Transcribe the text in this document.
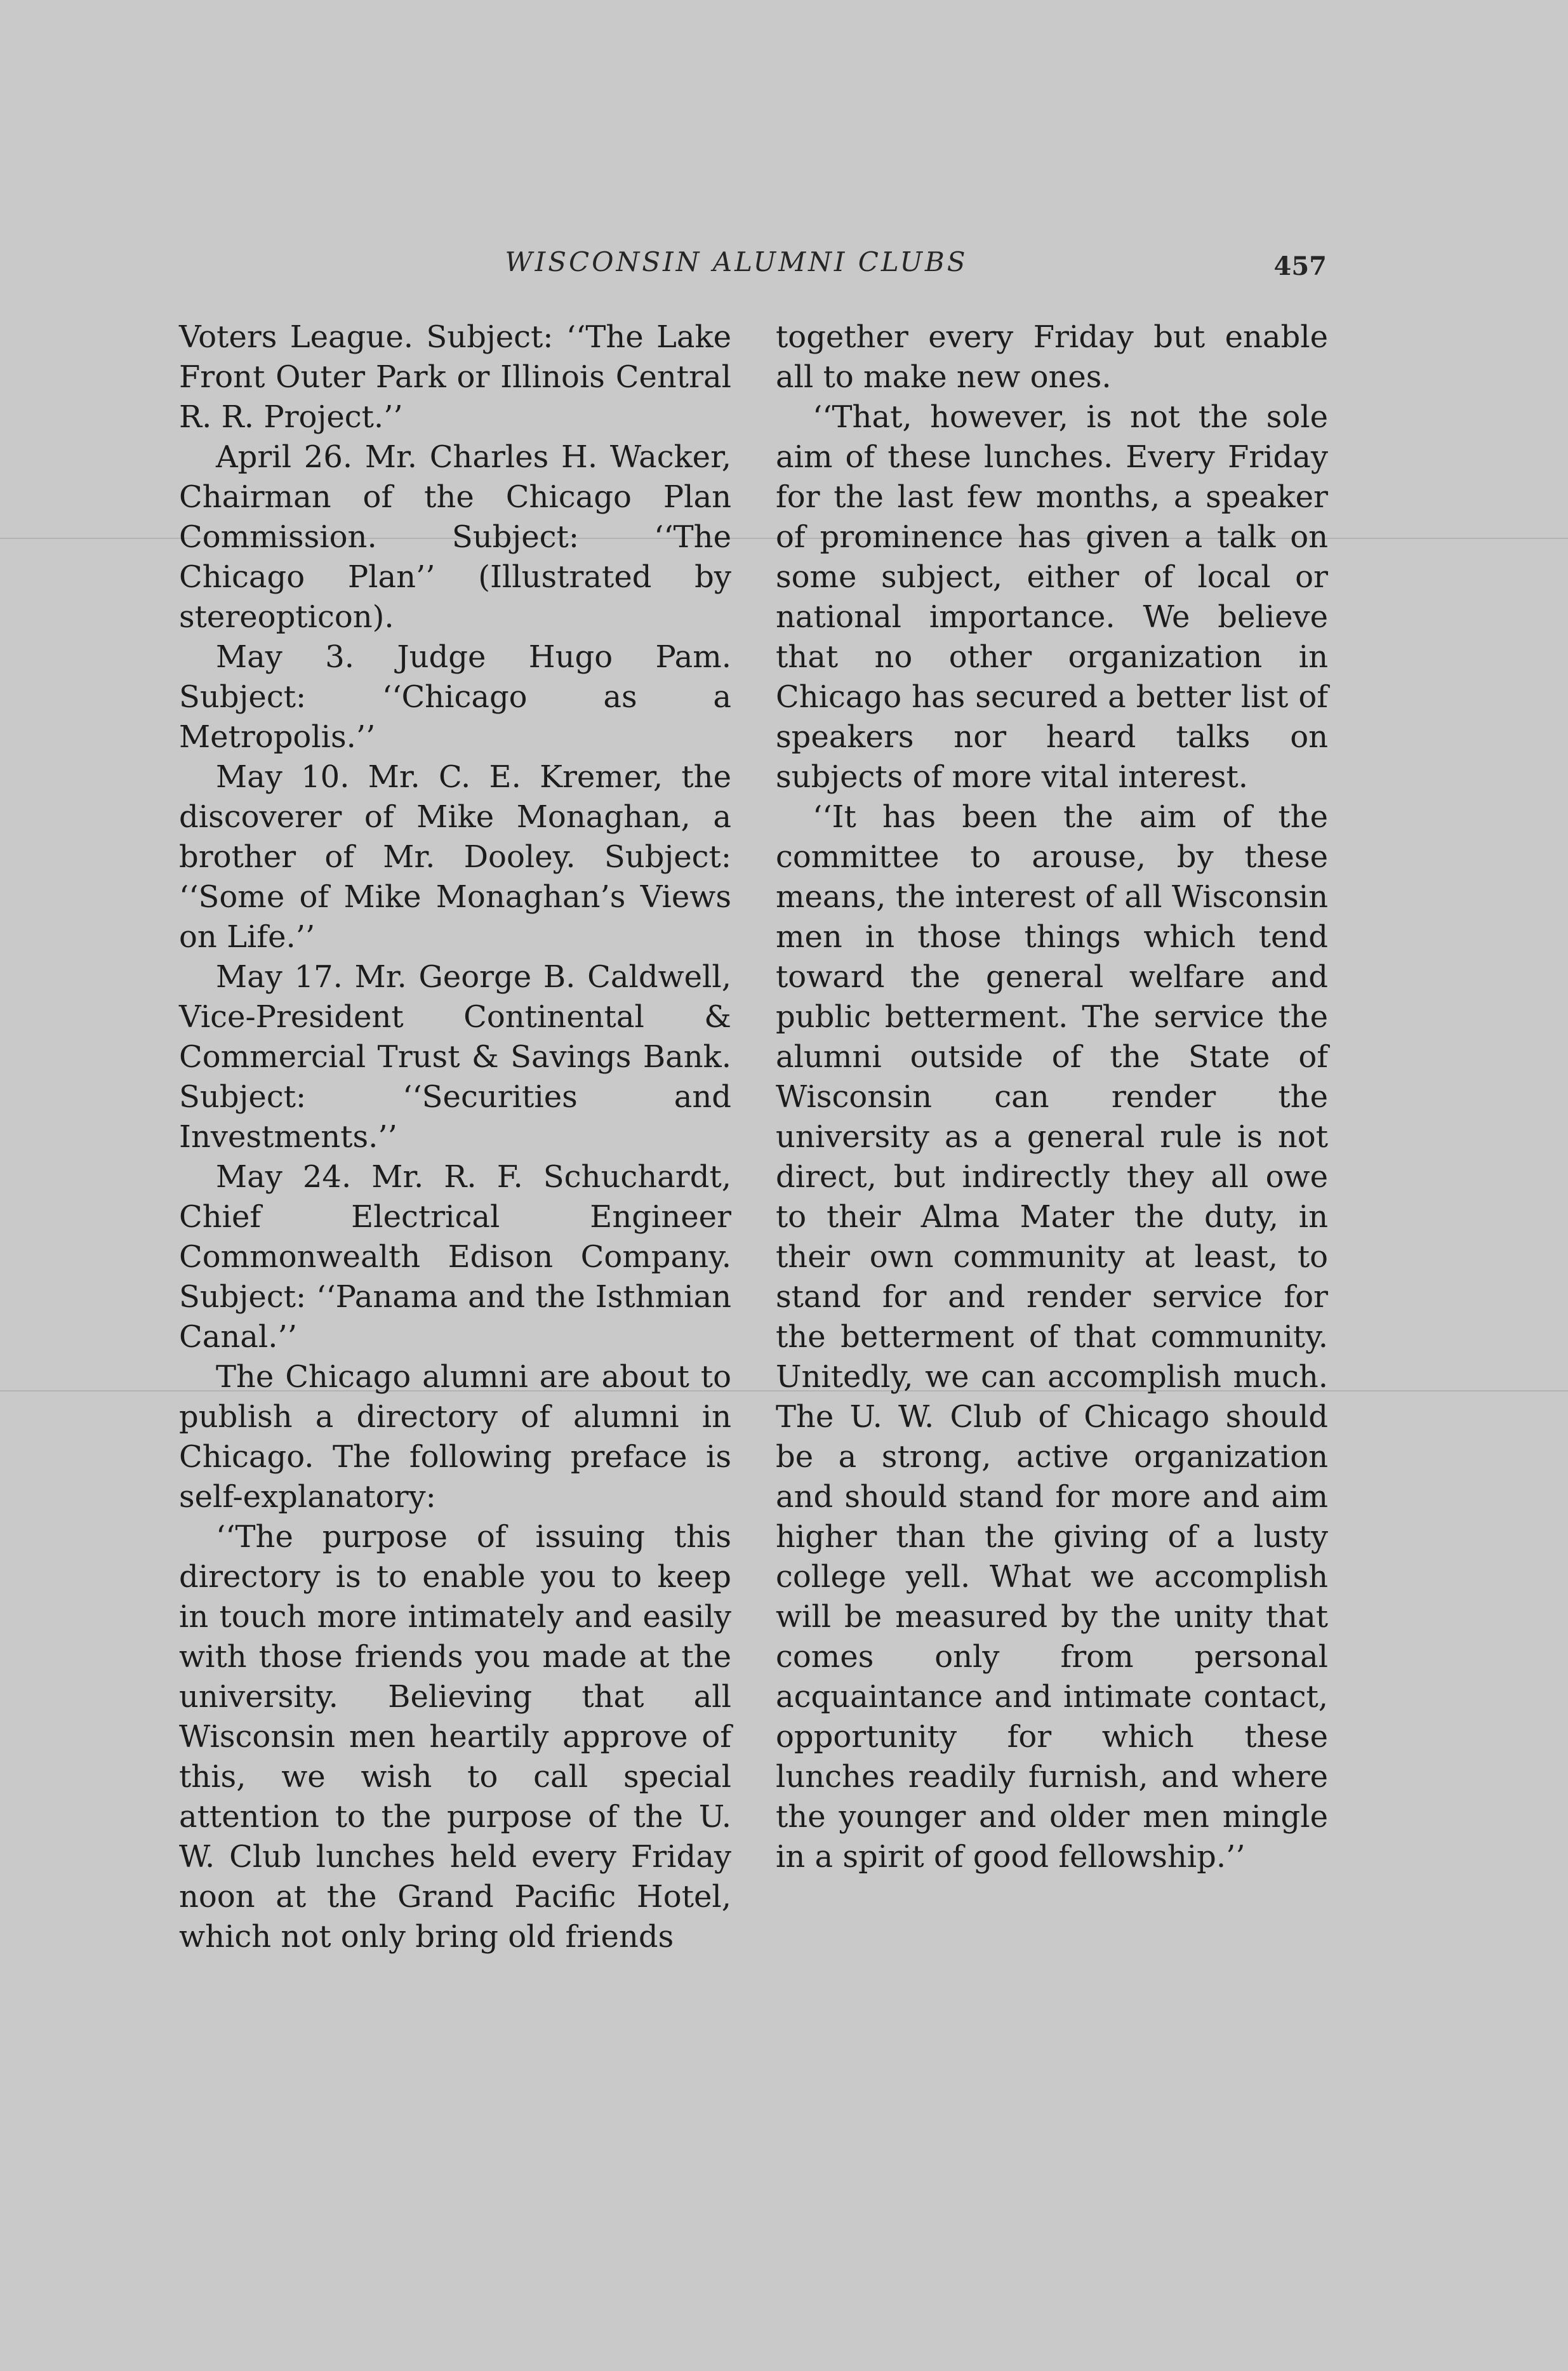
WISCONSIN ALUMNI CLUBS	457

Voters League. Subject: ‘‘The Lake Front Outer Park or Illinois Central R. R. Project.’’

April 26. Mr. Charles H. Wacker, Chairman of the Chicago Plan Commission. Subject: ‘‘The Chicago Plan’’ (Illustrated by stereopticon).

May 3. Judge Hugo Pam. Subject: ‘‘Chicago as a Metropolis.’’

May 10. Mr. C. E. Kremer, the discoverer of Mike Monaghan, a brother of Mr. Dooley. Subject: ‘‘Some of Mike Monaghan’s Views on Life.’’

May 17. Mr. George B. Caldwell, Vice-President Continental & Commercial Trust & Savings Bank. Subject: ‘‘Securities and Investments.’’

May 24. Mr. R. F. Schuchardt, Chief Electrical Engineer Commonwealth Edison Company. Subject: ‘‘Panama and the Isthmian Canal.’’

The Chicago alumni are about to publish a directory of alumni in Chicago. The following preface is self-explanatory:

‘‘The purpose of issuing this directory is to enable you to keep in touch more intimately and easily with those friends you made at the university. Believing that all Wisconsin men heartily approve of this, we wish to call special attention to the purpose of the U. W. Club lunches held every Friday noon at the Grand Pacific Hotel, which not only bring old friends

together every Friday but enable all to make new ones.

‘‘That, however, is not the sole aim of these lunches. Every Friday for the last few months, a speaker of prominence has given a talk on some subject, either of local or national importance. We believe that no other organization in Chicago has secured a better list of speakers nor heard talks on subjects of more vital interest.

‘‘It has been the aim of the committee to arouse, by these means, the interest of all Wisconsin men in those things which tend toward the general welfare and public betterment. The service the alumni outside of the State of Wisconsin can render the university as a general rule is not direct, but indirectly they all owe to their Alma Mater the duty, in their own community at least, to stand for and render service for the betterment of that community. Unitedly, we can accomplish much. The U. W. Club of Chicago should be a strong, active organization and should stand for more and aim higher than the giving of a lusty college yell. What we accomplish will be measured by the unity that comes only from personal acquaintance and intimate contact, opportunity for which these lunches readily furnish, and where the younger and older men mingle in a spirit of good fellowship.’’
